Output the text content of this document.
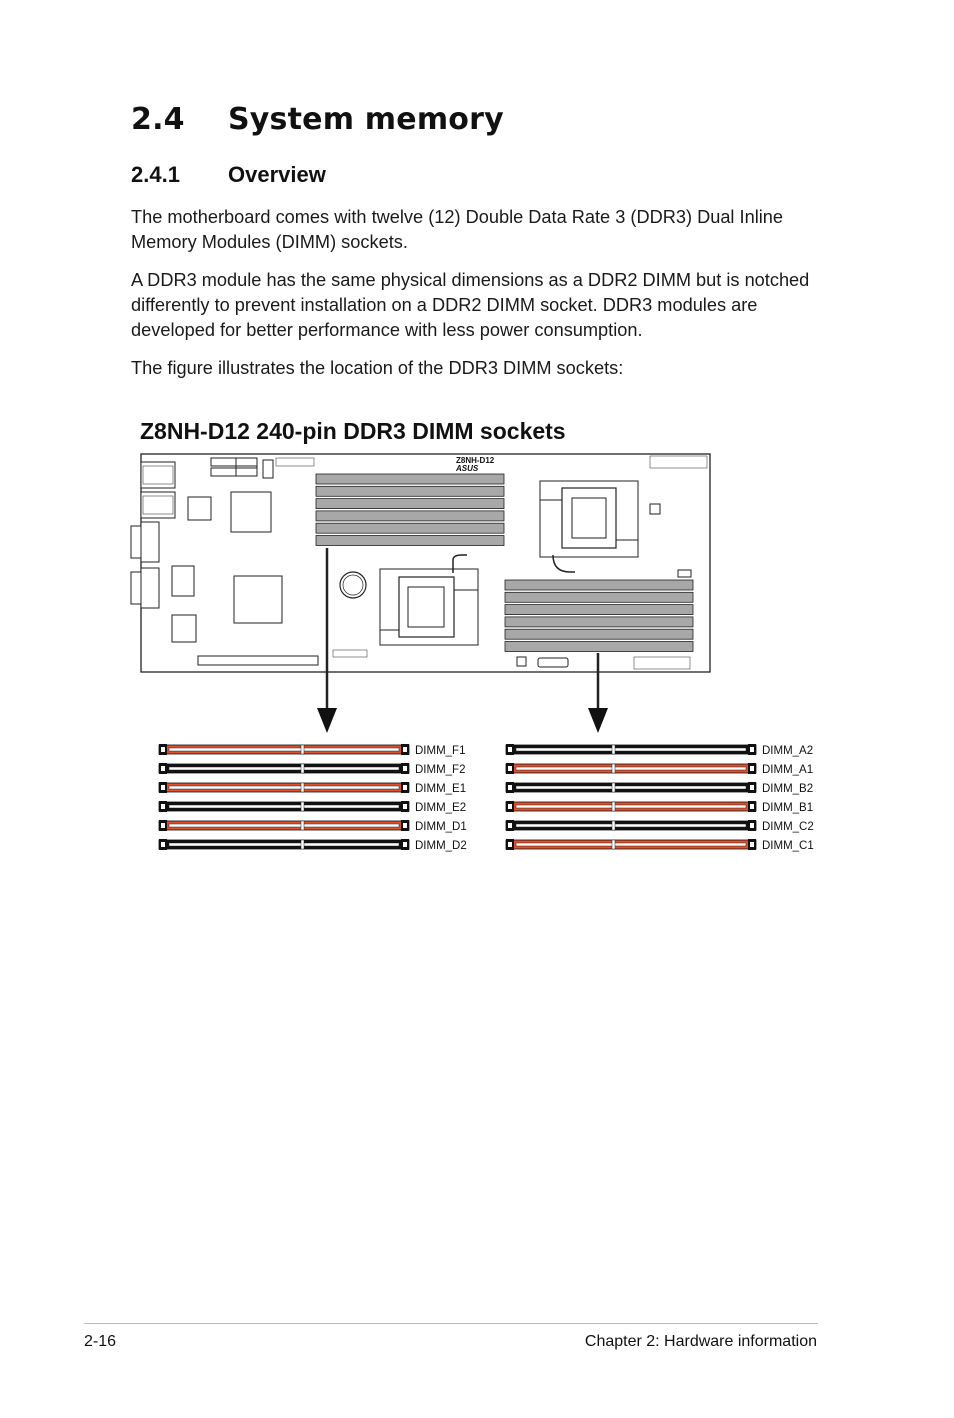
2.4 System memory
2.4.1 Overview

The motherboard comes with twelve (12) Double Data Rate 3 (DDR3) Dual Inline Memory Modules (DIMM) sockets.

A DDR3 module has the same physical dimensions as a DDR2 DIMM but is notched differently to prevent installation on a DDR2 DIMM socket. DDR3 modules are developed for better performance with less power consumption.

The figure illustrates the location of the DDR3 DIMM sockets:

Z8NH-D12 240-pin DDR3 DIMM sockets
Z8NH-D12
ASUS
DIMM_F1
DIMM_F2
DIMM_E1
DIMM_E2
DIMM_D1
DIMM_D2
DIMM_A2
DIMM_A1
DIMM_B2
DIMM_B1
DIMM_C2
DIMM_C1
2-16	Chapter 2: Hardware information
